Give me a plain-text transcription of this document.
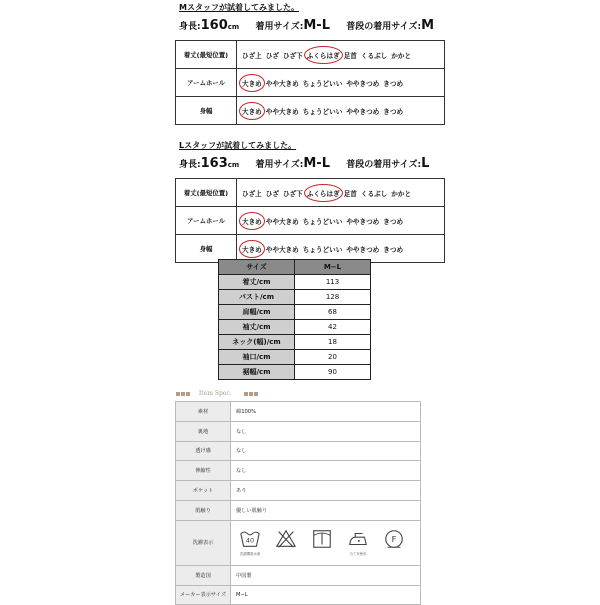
Mスタッフが試着してみました。
身長:160cm 着用サイズ:M-L 普段の着用サイズ:M
着丈(最短位置)	ひざ上 ひざ ひざ下 ふくらはぎ 足首 くるぶし かかと
アームホール	大きめ やや大きめ ちょうどいい ややきつめ きつめ
身幅	大きめ やや大きめ ちょうどいい ややきつめ きつめ
Lスタッフが試着してみました。
身長:163cm 着用サイズ:M-L 普段の着用サイズ:L
着丈(最短位置)	ひざ上 ひざ ひざ下 ふくらはぎ 足首 くるぶし かかと
アームホール	大きめ やや大きめ ちょうどいい ややきつめ きつめ
身幅	大きめ やや大きめ ちょうどいい ややきつめ きつめ
サイズ	M−L
着丈/cm	113
バスト/cm	128
肩幅/cm	68
袖丈/cm	42
ネック(幅)/cm	18
袖口/cm	20
裾幅/cm	90
Item Spec.
素材	綿100%
裏地	なし
透け感	なし
伸縮性	なし
ポケット	あり
肌触り	優しい肌触り
洗濯表示	40
洗濯機弱水流 当て布使用
F

製造国	中国製
メーカー表示サイズ	M−L
